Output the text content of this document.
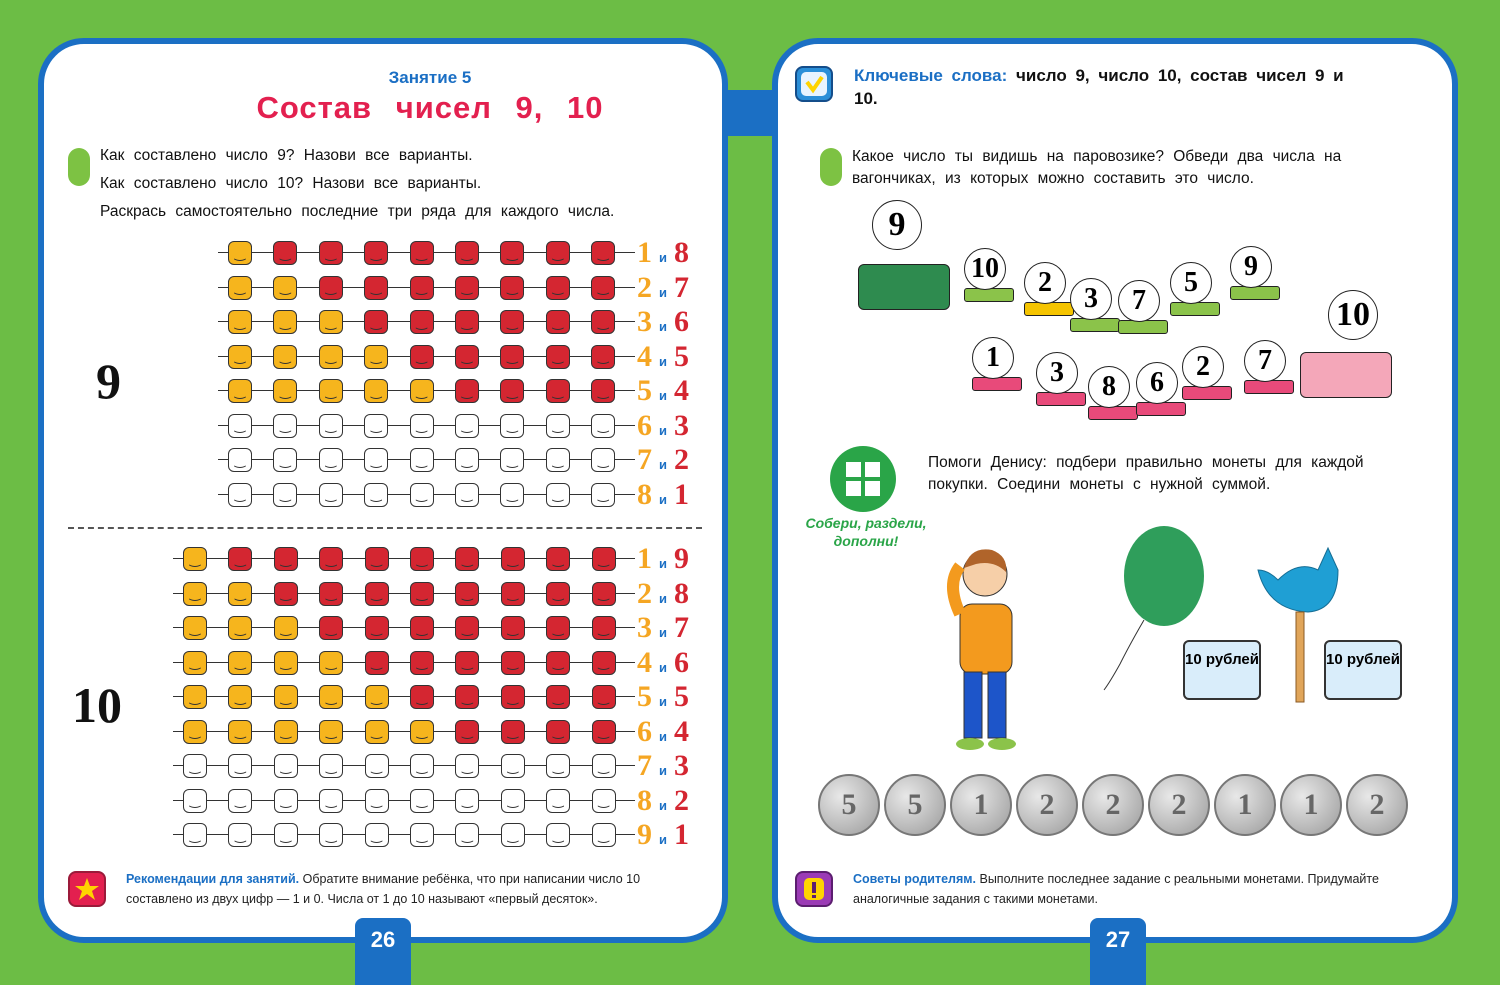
26	27
Занятие 5
Состав чисел 9, 10
Как составлено число 9? Назови все варианты.
Как составлено число 10? Назови все варианты.
Раскрась самостоятельно последние три ряда для каждого числа.
9
10
‿	‿	‿	‿	‿	‿	‿	‿	‿ 1 и 8
‿	‿	‿	‿	‿	‿	‿	‿	‿ 2 и 7
‿	‿	‿	‿	‿	‿	‿	‿	‿ 3 и 6
‿	‿	‿	‿	‿	‿	‿	‿	‿ 4 и 5
‿	‿	‿	‿	‿	‿	‿	‿	‿ 5 и 4
‿	‿	‿	‿	‿	‿	‿	‿	‿ 6 и 3
‿	‿	‿	‿	‿	‿	‿	‿	‿ 7 и 2
‿	‿	‿	‿	‿	‿	‿	‿	‿ 8 и 1
‿	‿	‿	‿	‿	‿	‿	‿	‿	‿ 1 и 9
‿	‿	‿	‿	‿	‿	‿	‿	‿	‿ 2 и 8
‿	‿	‿	‿	‿	‿	‿	‿	‿	‿ 3 и 7
‿	‿	‿	‿	‿	‿	‿	‿	‿	‿ 4 и 6
‿	‿	‿	‿	‿	‿	‿	‿	‿	‿ 5 и 5
‿	‿	‿	‿	‿	‿	‿	‿	‿	‿ 6 и 4
‿	‿	‿	‿	‿	‿	‿	‿	‿	‿ 7 и 3
‿	‿	‿	‿	‿	‿	‿	‿	‿	‿ 8 и 2
‿	‿	‿	‿	‿	‿	‿	‿	‿	‿ 9 и 1
Рекомендации для занятий. Обратите внимание ребёнка, что при написании число 10 составлено из двух цифр — 1 и 0. Числа от 1 до 10 называют «первый десяток».
Ключевые слова: число 9, число 10, состав чисел 9 и 10.
Какое число ты видишь на паровозике? Обведи два числа на вагончиках, из которых можно составить это число.
9
10	2
3	7
5
9
10
1	3	8	6
2	7
Собери, раздели, дополни!
Помоги Денису: подбери правильно монеты для каждой покупки. Соедини монеты с нужной суммой.
10 рублей	10 рублей
5	5	1	2	2	2	1	1	2
Советы родителям. Выполните последнее задание с реальными монетами. Придумайте аналогичные задания с такими монетами.
